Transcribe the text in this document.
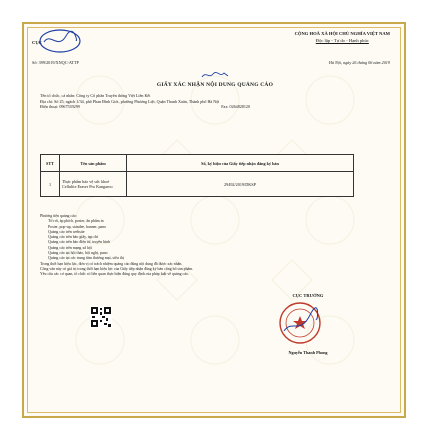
CỤC
CỘNG HOÀ XÃ HỘI CHỦ NGHĨA VIỆT NAM
Độc lập - Tự do - Hạnh phúc
Số: 399/2019/XNQC-ATTP	Hà Nội, ngày 26 tháng 06 năm 2019
GIẤY XÁC NHẬN NỘI DUNG QUẢNG CÁO
Tên tổ chức, cá nhân: Công ty Cổ phần Truyền thông Việt Liên Kết
Địa chỉ: Số 25, ngách 1/34, phố Phan Đình Giót, phường Phương Liệt, Quận Thanh Xuân, Thành phố Hà Nội
Điện thoại: 0967539299	Fax: 0264828120
STT	Tên sản phẩm	Số, ký hiệu của Giấy tiếp nhận đăng ký bản
1	Thực phẩm bảo vệ sức khoẻ Cellulite Eraser Pro Kangaroo	29492/2019/DKSP
Phương tiện quảng cáo:
Tờ rơi, áp phích, poster, ấn phẩm in
Poster, pop-up, standee, banner, pano
Quảng cáo trên website
Quảng cáo trên báo giấy, tạp chí
Quảng cáo trên báo điện tử, truyền hình
Quảng cáo trên mạng xã hội
Quảng cáo tại hội thảo, hội nghị, pano
Quảng cáo tại các trung tâm thương mại, siêu thị
Trong thời hạn hiệu lực, đơn vị có trách nhiệm quảng cáo đúng nội dung đã được xác nhận.
Công văn này có giá trị trong thời hạn hiệu lực của Giấy tiếp nhận đăng ký bản công bố sản phẩm.
Yêu cầu các cơ quan, tổ chức có liên quan thực hiện đúng quy định của pháp luật về quảng cáo.
CỤC TRƯỞNG
Nguyễn Thanh Phong
